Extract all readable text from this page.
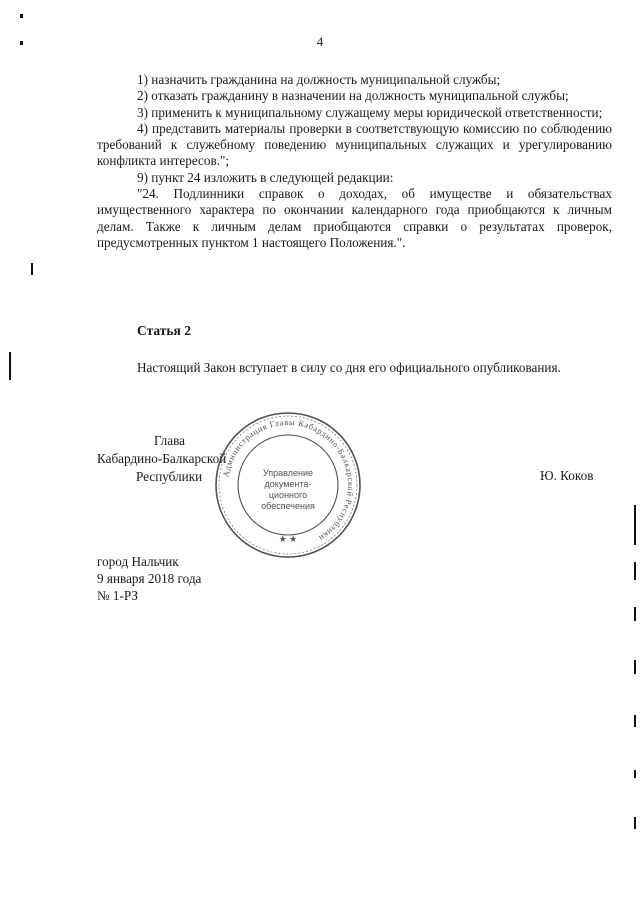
4

1) назначить гражданина на должность муниципальной службы;

2) отказать гражданину в назначении на должность муниципальной службы;

3) применить к муниципальному служащему меры юридической ответственности;

4) представить материалы проверки в соответствующую комиссию по соблюдению требований к служебному поведению муниципальных служащих и урегулированию конфликта интересов.";

9) пункт 24 изложить в следующей редакции:

"24. Подлинники справок о доходах, об имуществе и обязательствах имущественного характера по окончании календарного года приобщаются к личным делам. Также к личным делам приобщаются справки о результатах проверок, предусмотренных пунктом 1 настоящего Положения.".

Статья 2

Настоящий Закон вступает в силу со дня его официального опубликования.

Администрация Главы Кабардино-Балкарской Республики
Управление
документа-
ционного
обеспечения
★ ★
Глава
Кабардино-Балкарской
Республики	Ю. Коков
город Нальчик
9 января 2018 года
№ 1-РЗ
